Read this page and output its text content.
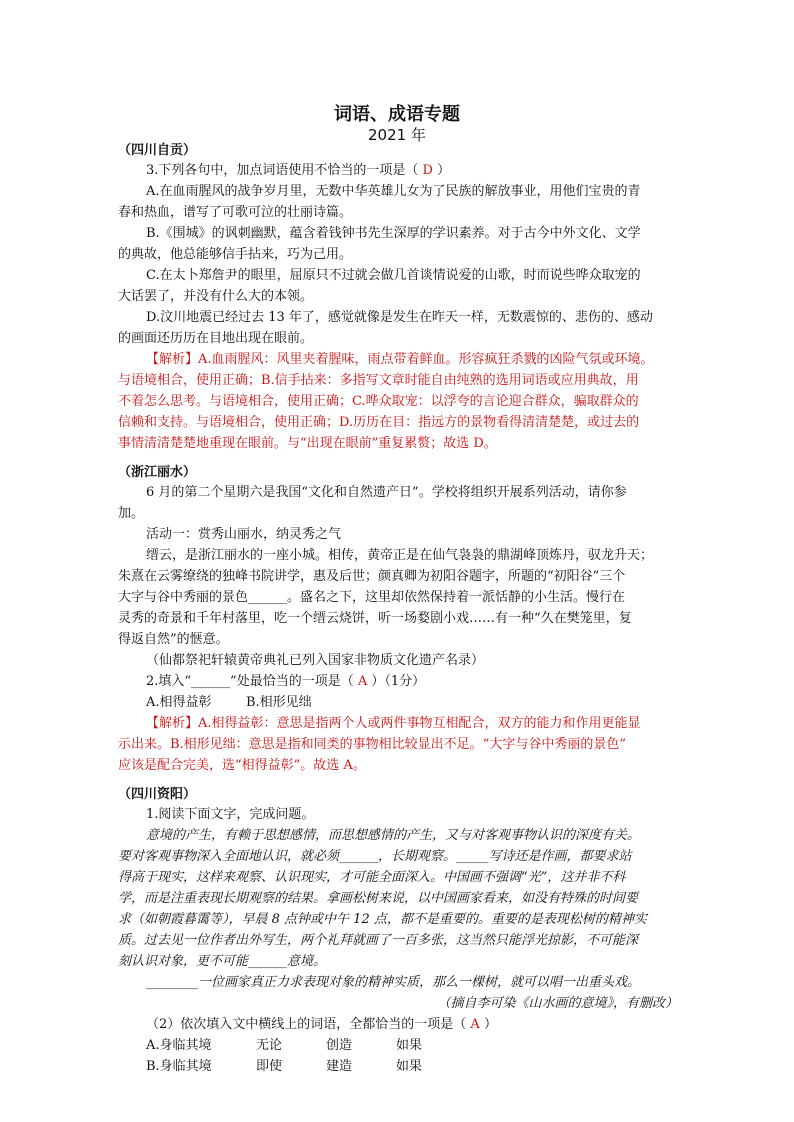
词语、成语专题
2021 年

（四川自贡）

3.下列各句中，加点词语使用不恰当的一项是（ D ）

A.在血雨腥风的战争岁月里，无数中华英雄儿女为了民族的解放事业，用他们宝贵的青

春和热血，谱写了可歌可泣的壮丽诗篇。

B.《围城》的讽刺幽默，蕴含着钱钟书先生深厚的学识素养。对于古今中外文化、文学

的典故，他总能够信手拈来，巧为己用。

C.在太卜郑詹尹的眼里，屈原只不过就会做几首谈情说爱的山歌，时而说些哗众取宠的

大话罢了，并没有什么大的本领。

D.汶川地震已经过去 13 年了，感觉就像是发生在昨天一样，无数震惊的、悲伤的、感动

的画面还历历在目地出现在眼前。

【解析】A.血雨腥风：风里夹着腥味，雨点带着鲜血。形容疯狂杀戮的凶险气氛或环境。

与语境相合，使用正确；B.信手拈来：多指写文章时能自由纯熟的选用词语或应用典故，用

不着怎么思考。与语境相合，使用正确；C.哗众取宠：以浮夸的言论迎合群众，骗取群众的

信赖和支持。与语境相合，使用正确；D.历历在目：指远方的景物看得清清楚楚，或过去的

事情清清楚楚地重现在眼前。与“出现在眼前”重复累赘；故选 D。

（浙江丽水）

6 月的第二个星期六是我国“文化和自然遗产日”。学校将组织开展系列活动，请你参

加。

活动一：赏秀山丽水，纳灵秀之气

缙云，是浙江丽水的一座小城。相传，黄帝正是在仙气袅袅的鼎湖峰顶炼丹，驭龙升天；

朱熹在云雾缭绕的独峰书院讲学，惠及后世；颜真卿为初阳谷题字，所题的“初阳谷”三个

大字与谷中秀丽的景色______。盛名之下，这里却依然保持着一派恬静的小生活。慢行在

灵秀的奇景和千年村落里，吃一个缙云烧饼，听一场婺剧小戏……有一种“久在樊笼里，复

得返自然”的惬意。

（仙都祭祀轩辕黄帝典礼已列入国家非物质文化遗产名录）

2.填入“______”处最恰当的一项是（ A ）（1分）

A.相得益彰	B.相形见绌

【解析】A.相得益彰：意思是指两个人或两件事物互相配合，双方的能力和作用更能显

示出来。B.相形见绌：意思是指和同类的事物相比较显出不足。“大字与谷中秀丽的景色”

应该是配合完美，选“相得益彰”。故选 A。

（四川资阳）

1.阅读下面文字，完成问题。

意境的产生，有赖于思想感情，而思想感情的产生，又与对客观事物认识的深度有关。

要对客观事物深入全面地认识，就必须______，长期观察。_____写诗还是作画，都要求站

得高于现实，这样来观察、认识现实，才可能全面深入。中国画不强调“光”，这并非不科

学，而是注重表现长期观察的结果。拿画松树来说，以中国画家看来，如没有特殊的时间要

求（如朝霞暮霭等），早晨 8 点钟或中午 12 点，都不是重要的。重要的是表现松树的精神实

质。过去见一位作者出外写生，两个礼拜就画了一百多张，这当然只能浮光掠影，不可能深

刻认识对象，更不可能______意境。

________一位画家真正力求表现对象的精神实质，那么一棵树，就可以唱一出重头戏。

（摘自李可染《山水画的意境》，有删改）

（2）依次填入文中横线上的词语，全都恰当的一项是（ A ）

A.身临其境	无论	创造	如果

B.身临其境	即使	建造	如果
